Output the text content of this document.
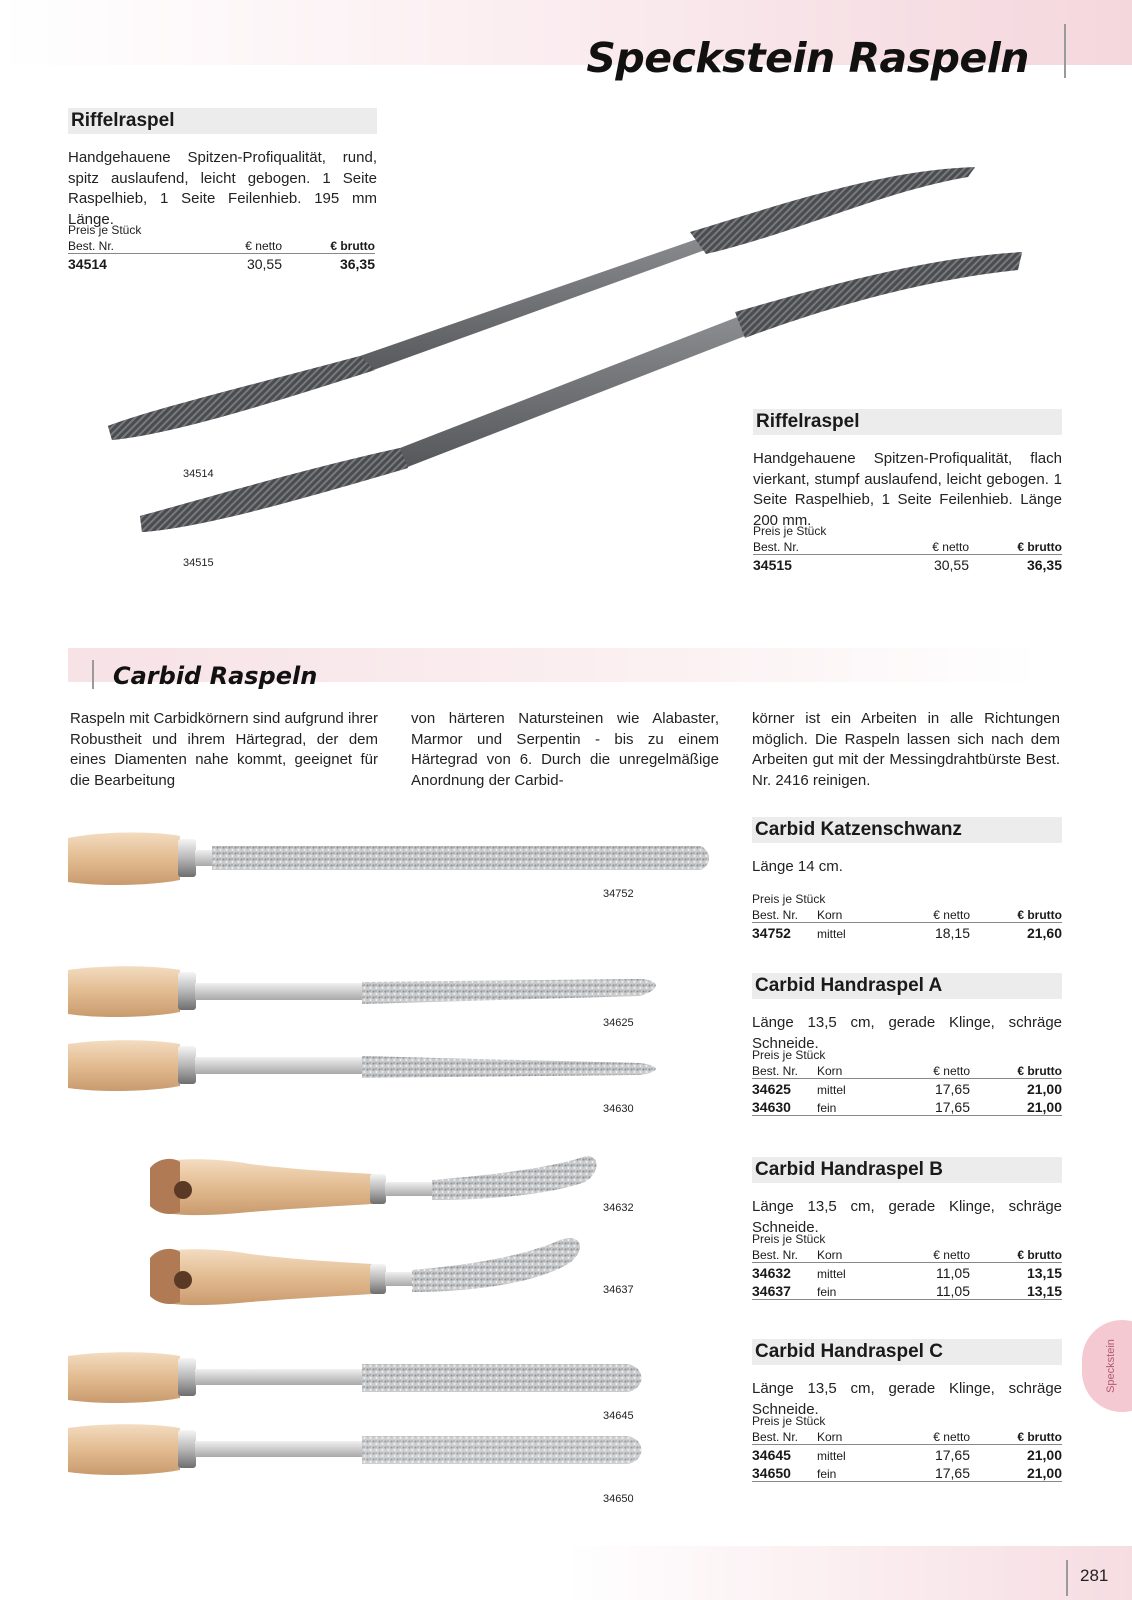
Speckstein Raspeln
Riffelraspel
Handgehauene Spitzen-Profiqualität, rund, spitz auslaufend, leicht gebogen. 1 Seite Raspelhieb, 1 Seite Feilenhieb. 195 mm Länge.
Preis je Stück
Best. Nr.	€ netto	€ brutto
34514	30,55	36,35
Riffelraspel
Handgehauene Spitzen-Profiqualität, flach vierkant, stumpf auslaufend, leicht gebogen. 1 Seite Raspelhieb, 1 Seite Feilenhieb. Länge 200 mm.
Preis je Stück
Best. Nr.	€ netto	€ brutto
34515	30,55	36,35
34514
34515
Carbid Raspeln
Raspeln mit Carbidkörnern sind aufgrund ihrer Robustheit und ihrem Härtegrad, der dem eines Diamenten nahe kommt, geeignet für die Bearbeitung
von härteren Natursteinen wie Alabaster, Marmor und Serpentin - bis zu einem Härtegrad von 6. Durch die unregelmäßige Anordnung der Carbid-
körner ist ein Arbeiten in alle Richtungen möglich. Die Raspeln lassen sich nach dem Arbeiten gut mit der Messingdrahtbürste Best. Nr. 2416 reinigen.
Carbid Katzenschwanz
Länge 14 cm.
Preis je Stück
Best. Nr. Korn	€ netto	€ brutto
34752 mittel	18,15	21,60
Carbid Handraspel A
Länge 13,5 cm, gerade Klinge, schräge Schneide.
Preis je Stück
Best. Nr. Korn	€ netto	€ brutto
34625 mittel	17,65	21,00
34630 fein	17,65	21,00
Carbid Handraspel B
Länge 13,5 cm, gerade Klinge, schräge Schneide.
Preis je Stück
Best. Nr. Korn	€ netto	€ brutto
34632 mittel	11,05	13,15
34637 fein	11,05	13,15
Carbid Handraspel C
Länge 13,5 cm, gerade Klinge, schräge Schneide.
Preis je Stück
Best. Nr. Korn	€ netto	€ brutto
34645 mittel	17,65	21,00
34650 fein	17,65	21,00
34752
34625
34630
34632
34637
34645
34650
Speckstein
281
